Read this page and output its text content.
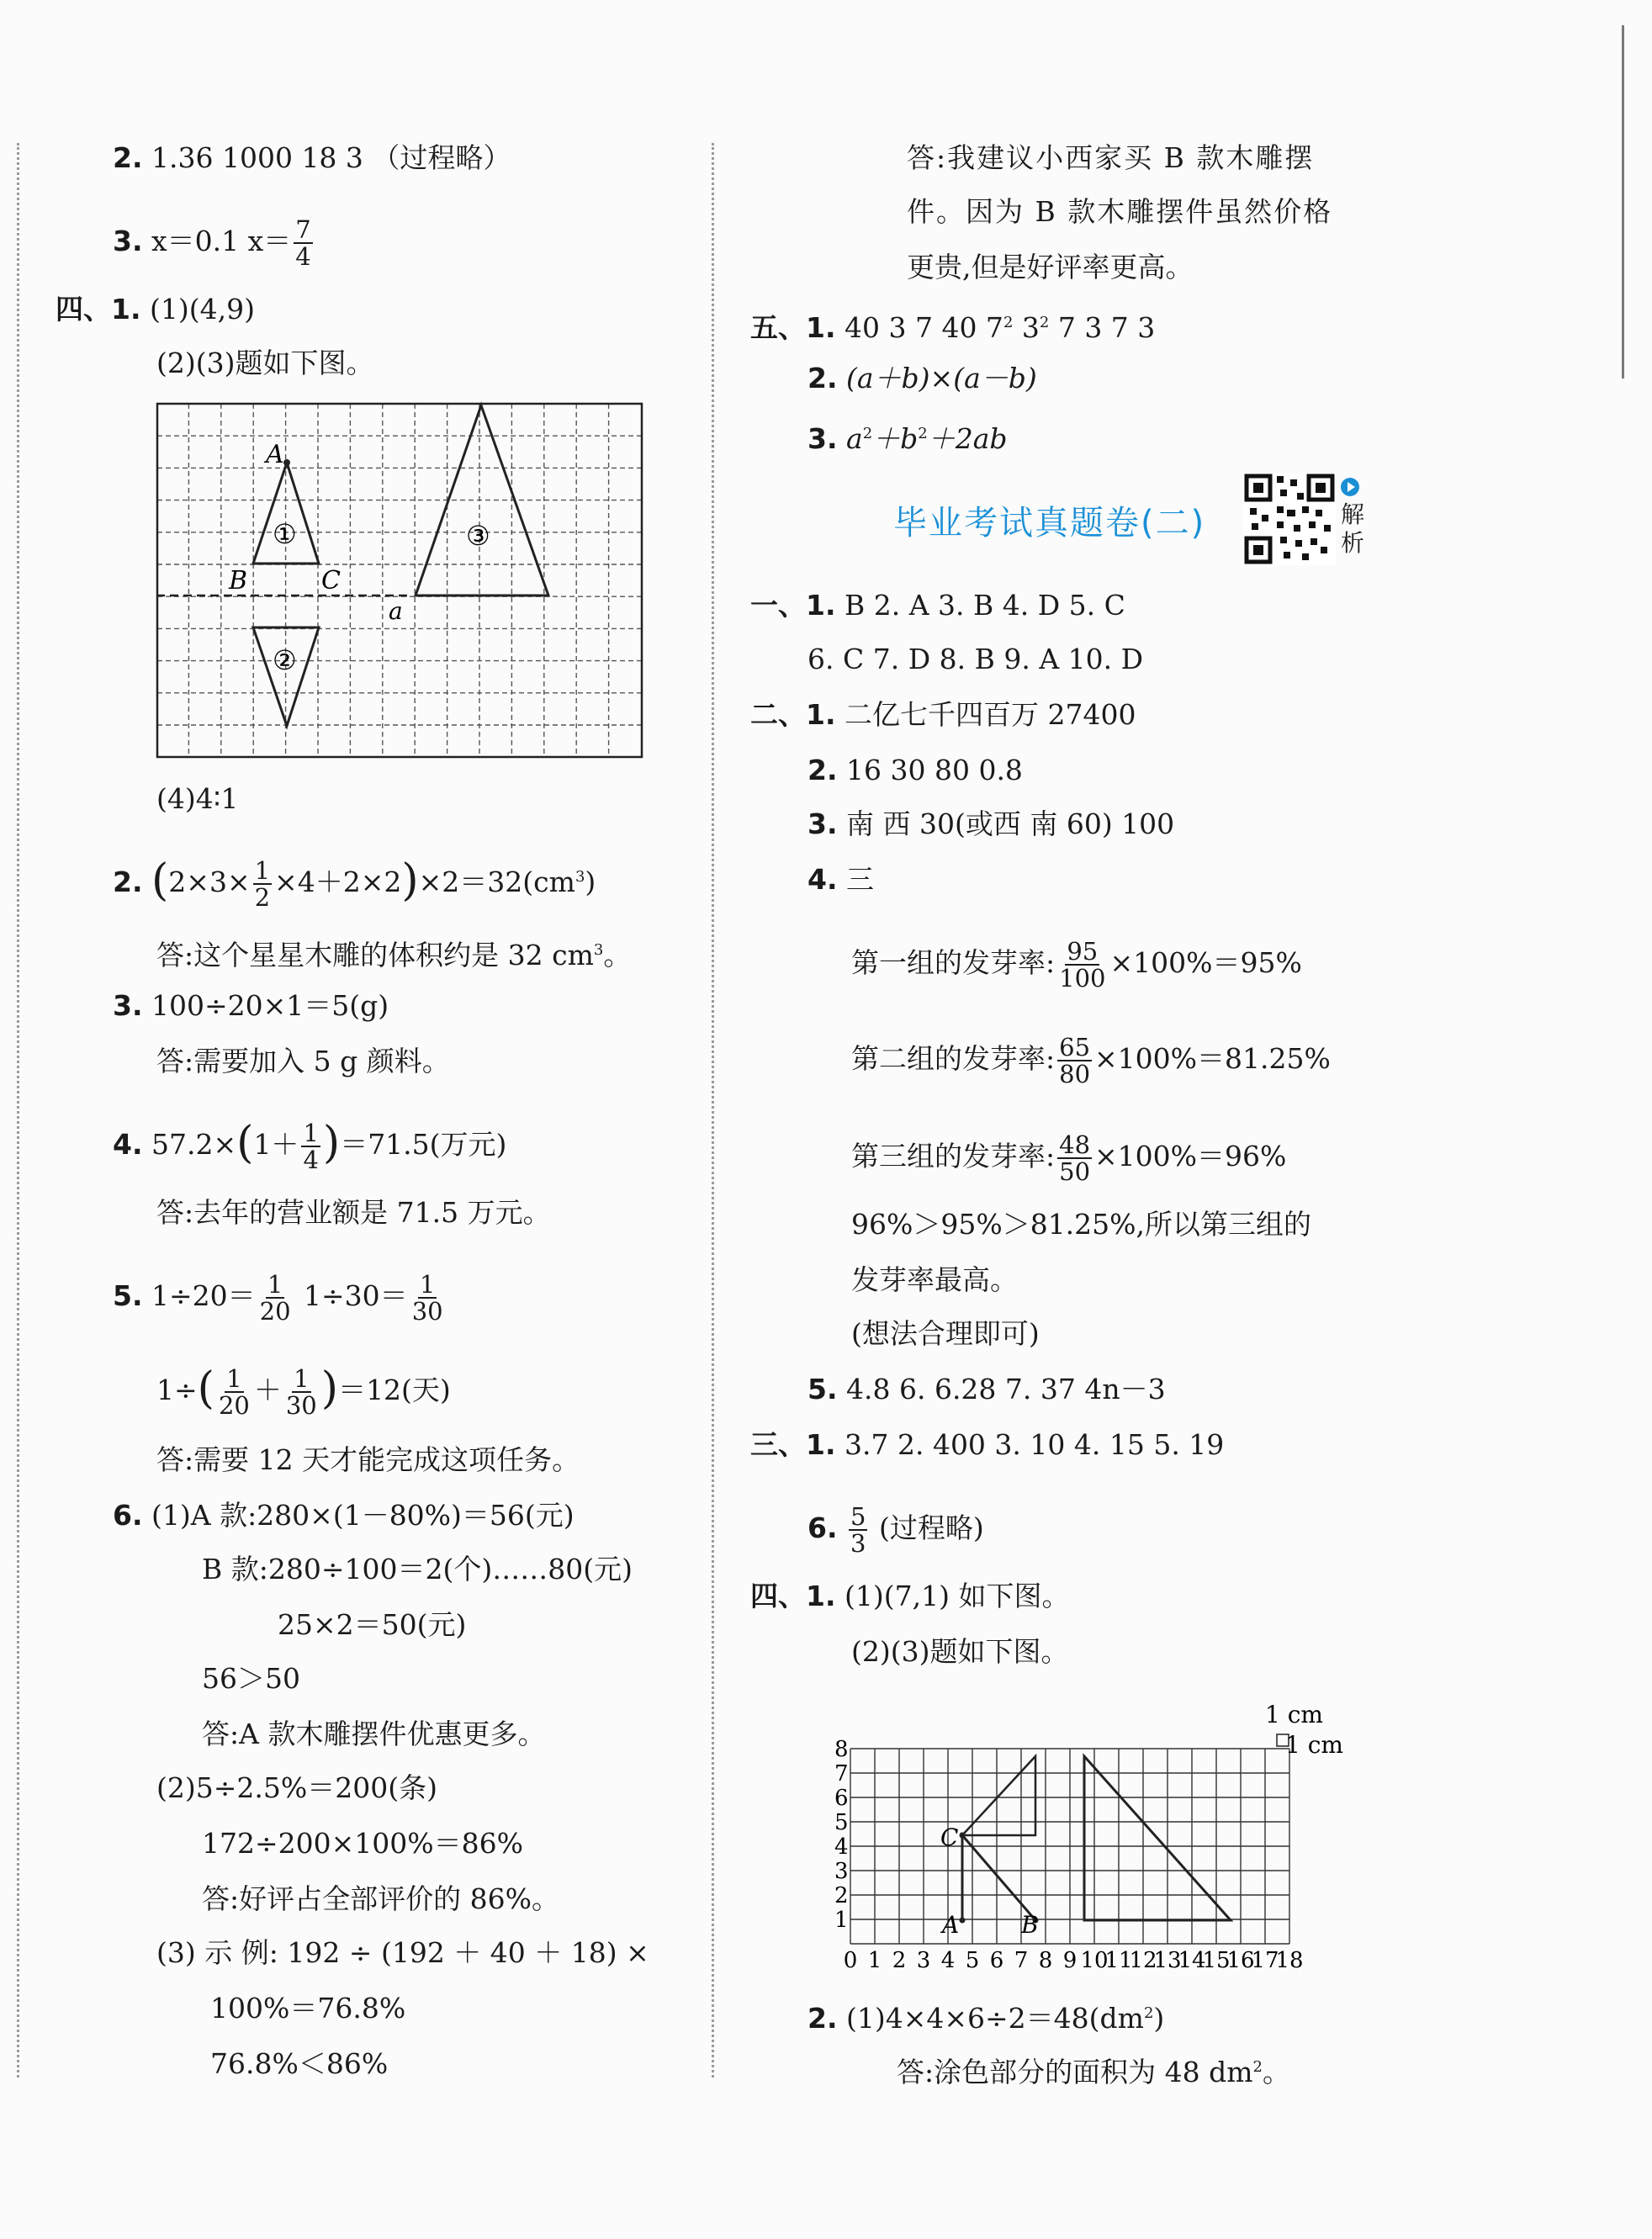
2. 1.36 1000 18 3 （过程略）
3. x＝0.1 $x= \frac{7}{4}$
四、1. (1)(4,9)
(2)(3)题如下图。
A
B	C
a
①
②
③
(4)4∶1
2. $(2\times 3\times \frac{1}{2} \times 4+2\times 2)\times 2=32(cm^3)$
答:这个星星木雕的体积约是 32 $cm^3$。
3. 100÷20×1＝5(g)
答:需要加入 5 g 颜料。
4. $57.2\times(1+ \frac{1}{4} )=71.5$(万元)
答:去年的营业额是 71.5 万元。
5. $1\div 20= \frac{1}{20} 1\div 30= \frac{1}{30}$
$1\div( \frac{1}{20} + \frac{1}{30} )=12$(天)
答:需要 12 天才能完成这项任务。
6. (1)A 款:280×(1－80%)＝56(元)
B 款:280÷100＝2(个)……80(元)
25×2＝50(元)
56＞50
答:A 款木雕摆件优惠更多。
(2)5÷2.5%＝200(条)
172÷200×100%＝86%
答:好评占全部评价的 86%。
(3) 示 例: 192 ÷ (192 ＋ 40 ＋ 18) ×
100%＝76.8%
76.8%＜86%
答:我建议小西家买 B 款木雕摆
件。因为 B 款木雕摆件虽然价格
更贵,但是好评率更高。
五、1. 40 3 7 40 $7^2$ $3^2$ 7 3 7 3
2. (a＋b)×(a－b)
3. $a^2+b^2+2ab$
毕业考试真题卷(二)	解
析
一、1. B 2. A 3. B 4. D 5. C
6. C 7. D 8. B 9. A 10. D
二、1. 二亿七千四百万 27400
2. 16 30 80 0.8
3. 南 西 30(或西 南 60) 100
4. 三
第一组的发芽率: $\frac{95}{100} \times 100\%=95\%$
第二组的发芽率: $\frac{65}{80} \times 100\%=81.25\%$
第三组的发芽率: $\frac{48}{50} \times 100\%=96\%$
96%＞95%＞81.25%,所以第三组的
发芽率最高。
(想法合理即可)
5. 4.8 6. 6.28 7. 37 4n－3
三、1. 3.7 2. 400 3. 10 4. 15 5. 19
6. $\frac{5}{3}$ (过程略)
四、1. (1)(7,1) 如下图。
(2)(3)题如下图。
1
2
3
4
5
6
7
8
0 1 2 3 4 5 6 7 8 9 10
11
12
13
14
15
16
17
18
C
A	B
1 cm
1 cm
2. $(1)4\times 4\times 6\div 2=48(dm^2)$
答:涂色部分的面积为 48 $dm^2$。
